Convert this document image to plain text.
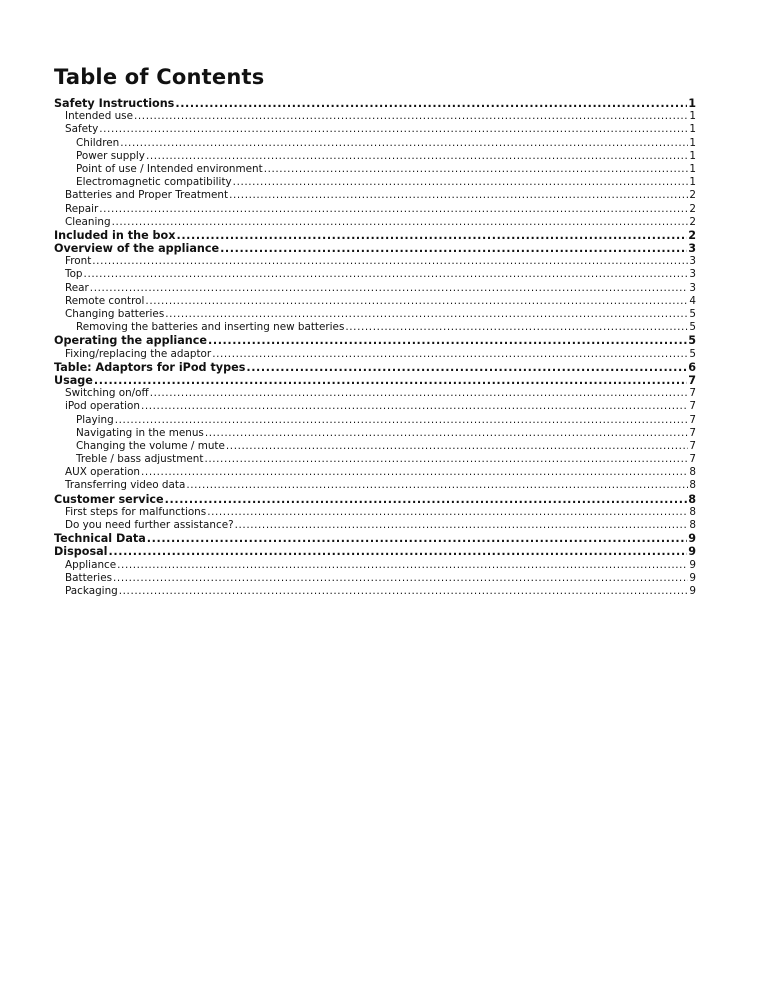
Table of Contents
Safety Instructions .....	1
Intended use .....	1
Safety .....	1
Children .....	1
Power supply .....	1
Point of use / Intended environment .....	1
Electromagnetic compatibility .....	1
Batteries and Proper Treatment .....	2
Repair .....	2
Cleaning .....	2
Included in the box .....	2
Overview of the appliance .....	3
Front .....	3
Top .....	3
Rear .....	3
Remote control .....	4
Changing batteries .....	5
Removing the batteries and inserting new batteries .....	5
Operating the appliance .....	5
Fixing/replacing the adaptor .....	5
Table: Adaptors for iPod types .....	6
Usage .....	7
Switching on/off .....	7
iPod operation .....	7
Playing .....	7
Navigating in the menus .....	7
Changing the volume / mute .....	7
Treble / bass adjustment .....	7
AUX operation .....	8
Transferring video data .....	8
Customer service .....	8
First steps for malfunctions .....	8
Do you need further assistance? .....	8
Technical Data .....	9
Disposal .....	9
Appliance .....	9
Batteries .....	9
Packaging .....	9
